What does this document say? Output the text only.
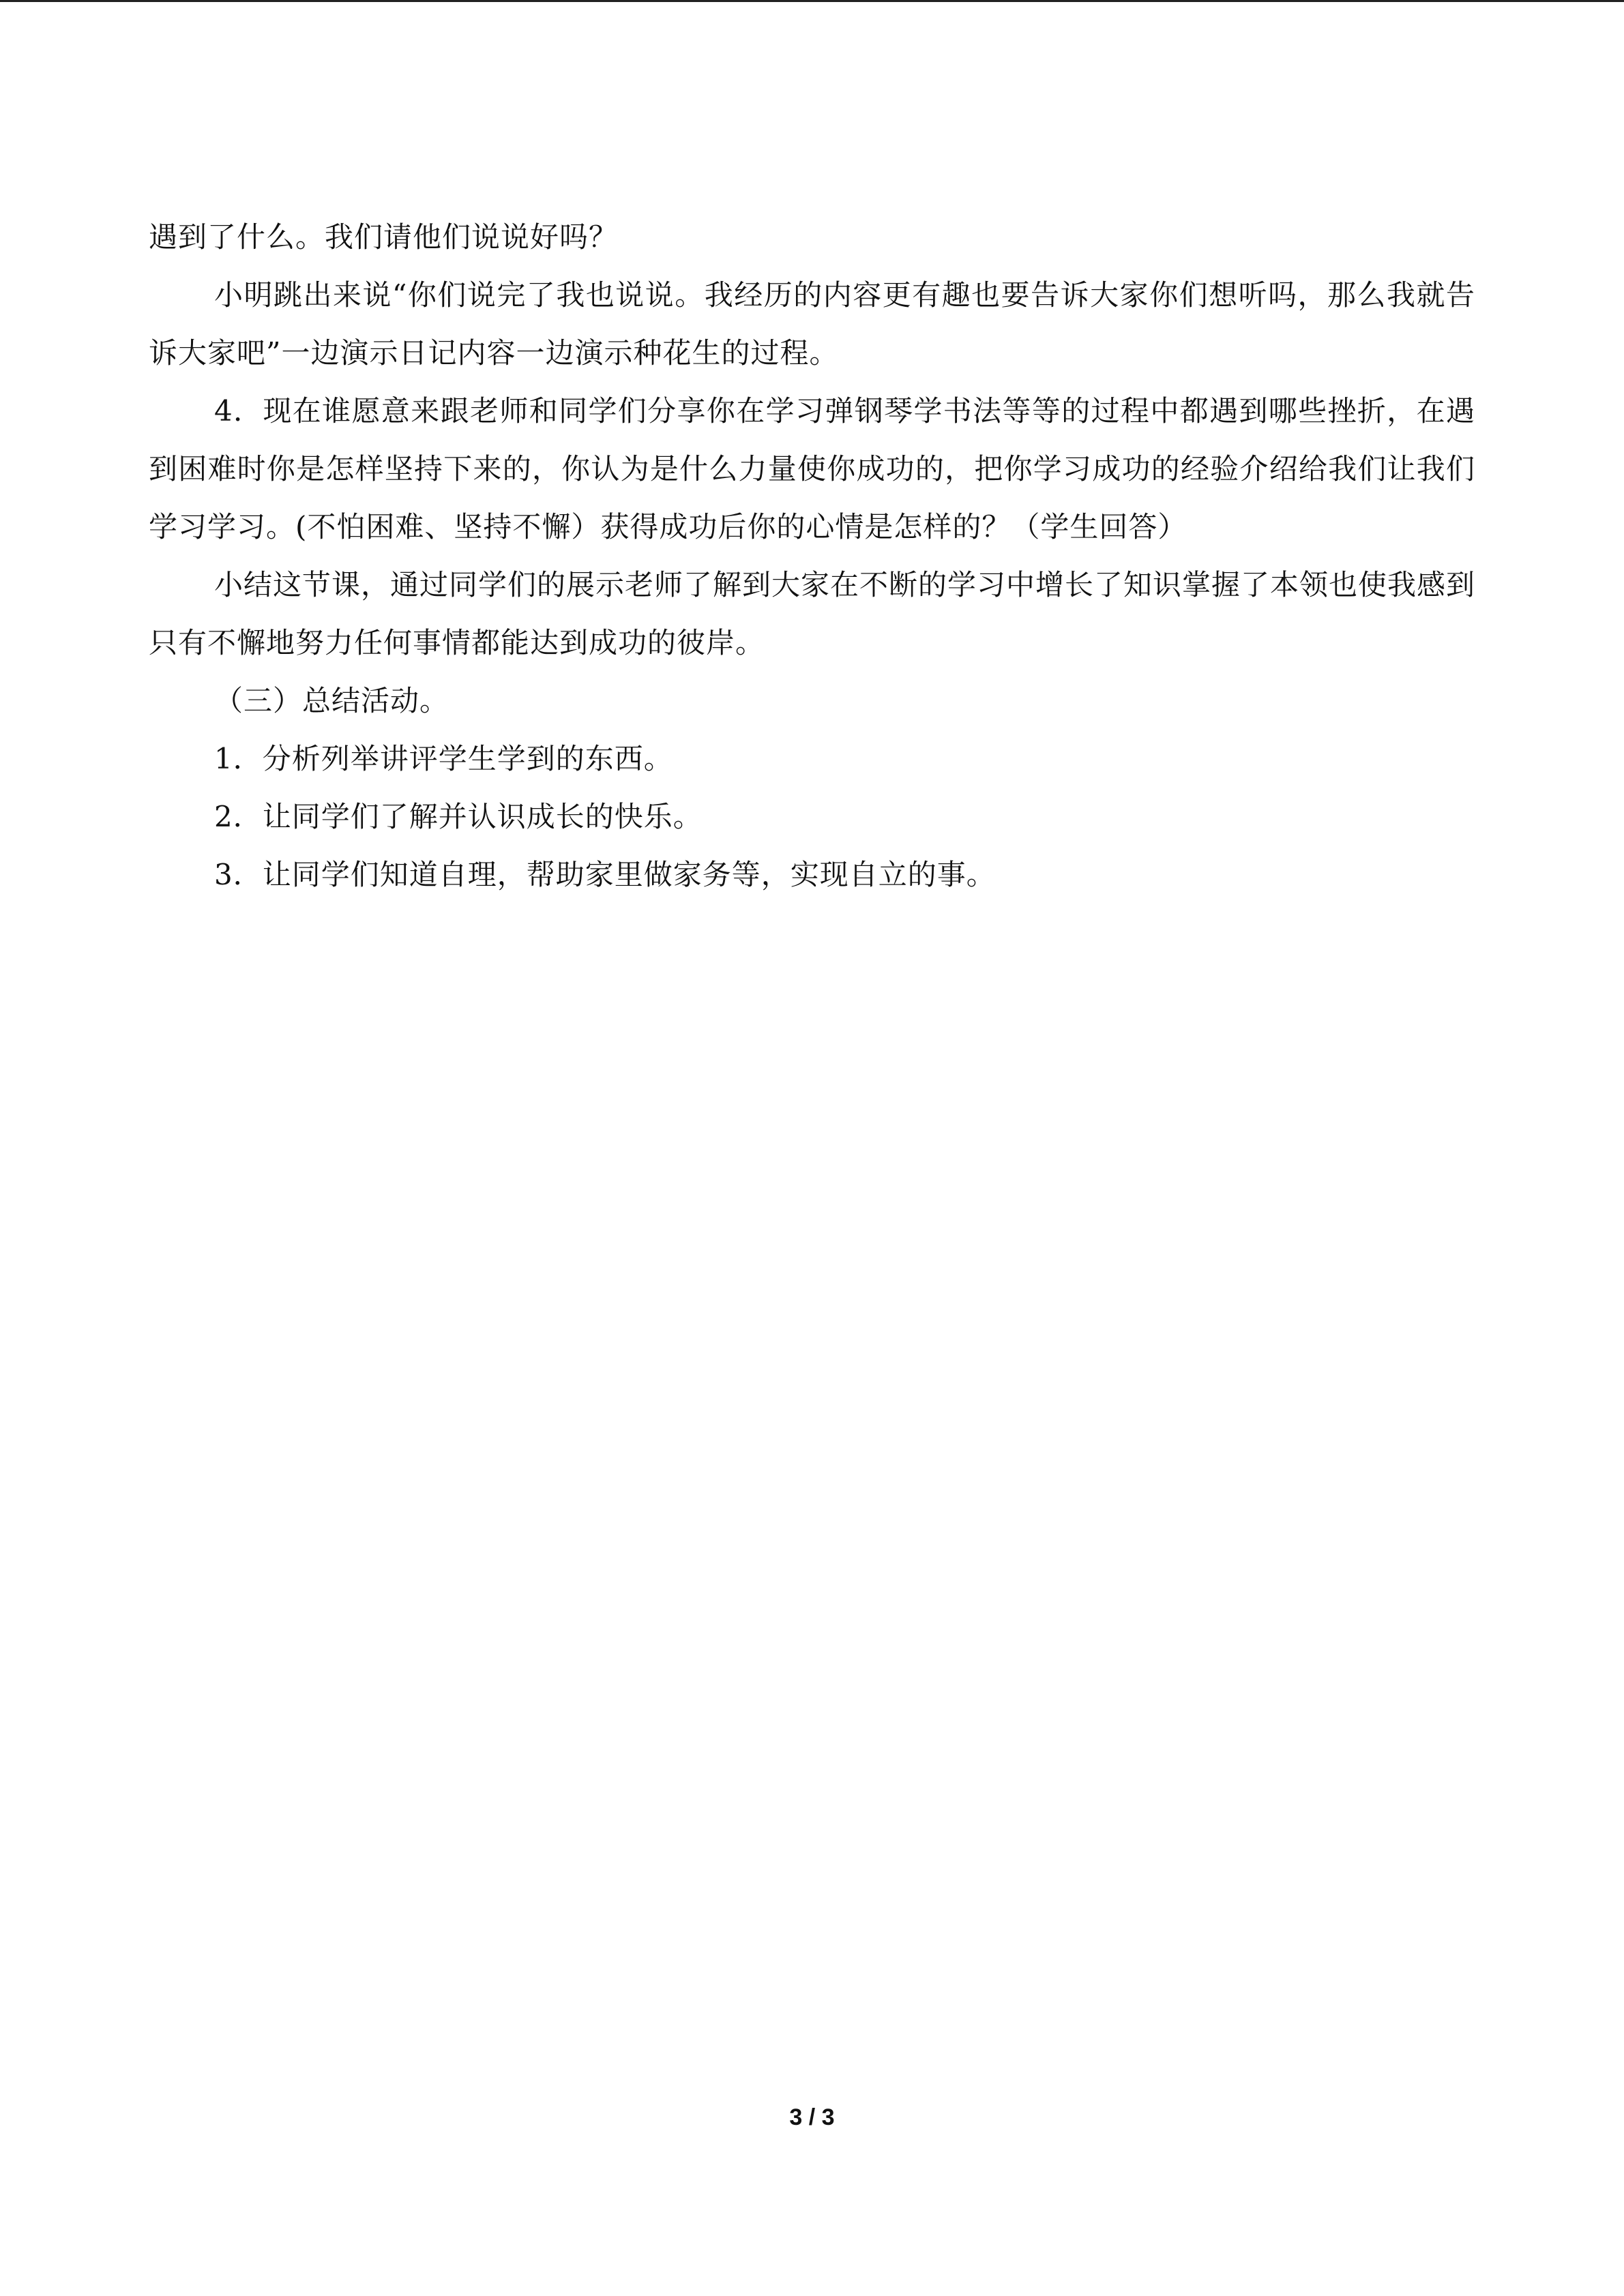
遇到了什么。我们请他们说说好吗？

小明跳出来说“你们说完了我也说说。我经历的内容更有趣也要告诉大家你们想听吗，那么我就告诉大家吧”一边演示日记内容一边演示种花生的过程。

4．现在谁愿意来跟老师和同学们分享你在学习弹钢琴学书法等等的过程中都遇到哪些挫折，在遇到困难时你是怎样坚持下来的，你认为是什么力量使你成功的，把你学习成功的经验介绍给我们让我们学习学习。(不怕困难、坚持不懈）获得成功后你的心情是怎样的？（学生回答）

小结这节课，通过同学们的展示老师了解到大家在不断的学习中增长了知识掌握了本领也使我感到只有不懈地努力任何事情都能达到成功的彼岸。

（三）总结活动。

1．分析列举讲评学生学到的东西。

2．让同学们了解并认识成长的快乐。

3．让同学们知道自理，帮助家里做家务等，实现自立的事。

3 / 3
